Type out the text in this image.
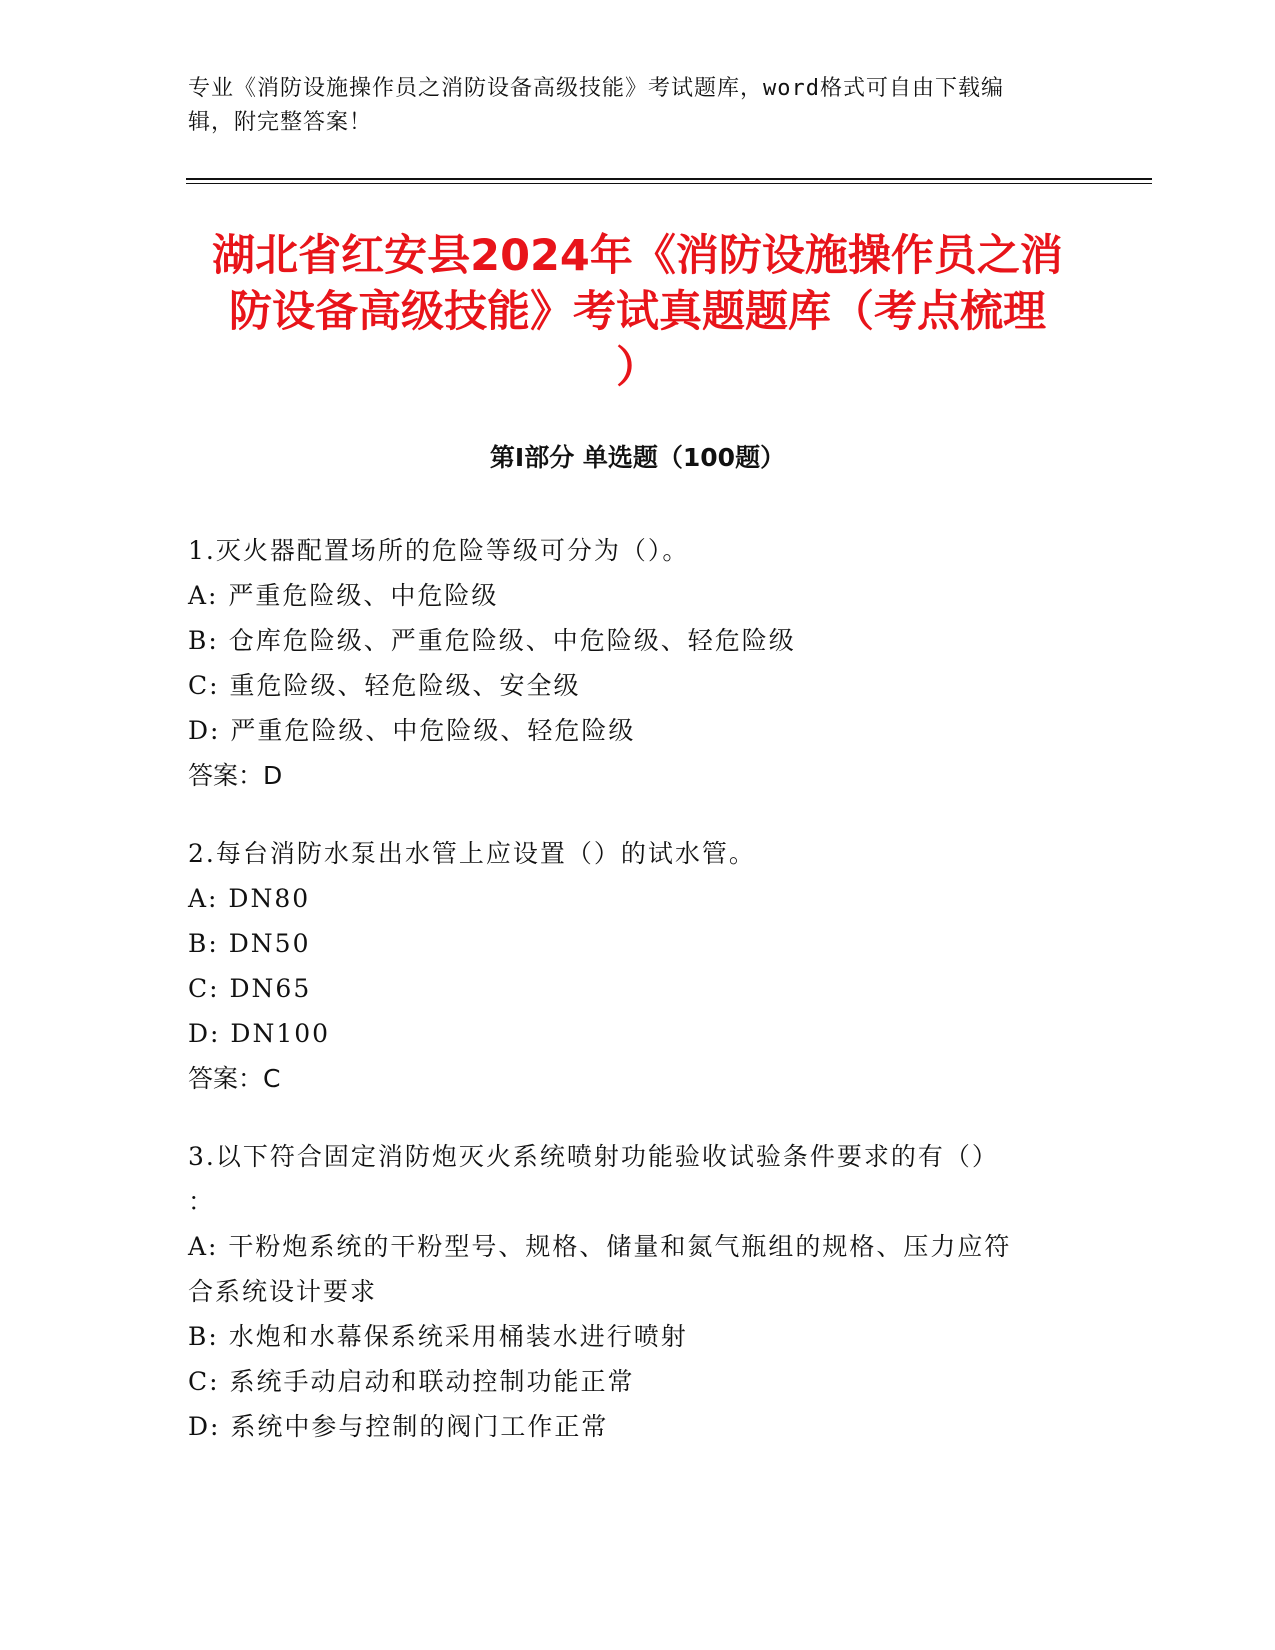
专业《消防设施操作员之消防设备高级技能》考试题库，word格式可自由下载编
辑，附完整答案！
湖北省红安县2024年《消防设施操作员之消
防设备高级技能》考试真题题库（考点梳理
）
第Ⅰ部分 单选题（100题）
1.灭火器配置场所的危险等级可分为（）。
A: 严重危险级、中危险级
B: 仓库危险级、严重危险级、中危险级、轻危险级
C: 重危险级、轻危险级、安全级
D: 严重危险级、中危险级、轻危险级
答案：D
2.每台消防水泵出水管上应设置（）的试水管。
A: DN80
B: DN50
C: DN65
D: DN100
答案：C
3.以下符合固定消防炮灭火系统喷射功能验收试验条件要求的有（）
：
A: 干粉炮系统的干粉型号、规格、储量和氮气瓶组的规格、压力应符
合系统设计要求
B: 水炮和水幕保系统采用桶装水进行喷射
C: 系统手动启动和联动控制功能正常
D: 系统中参与控制的阀门工作正常
